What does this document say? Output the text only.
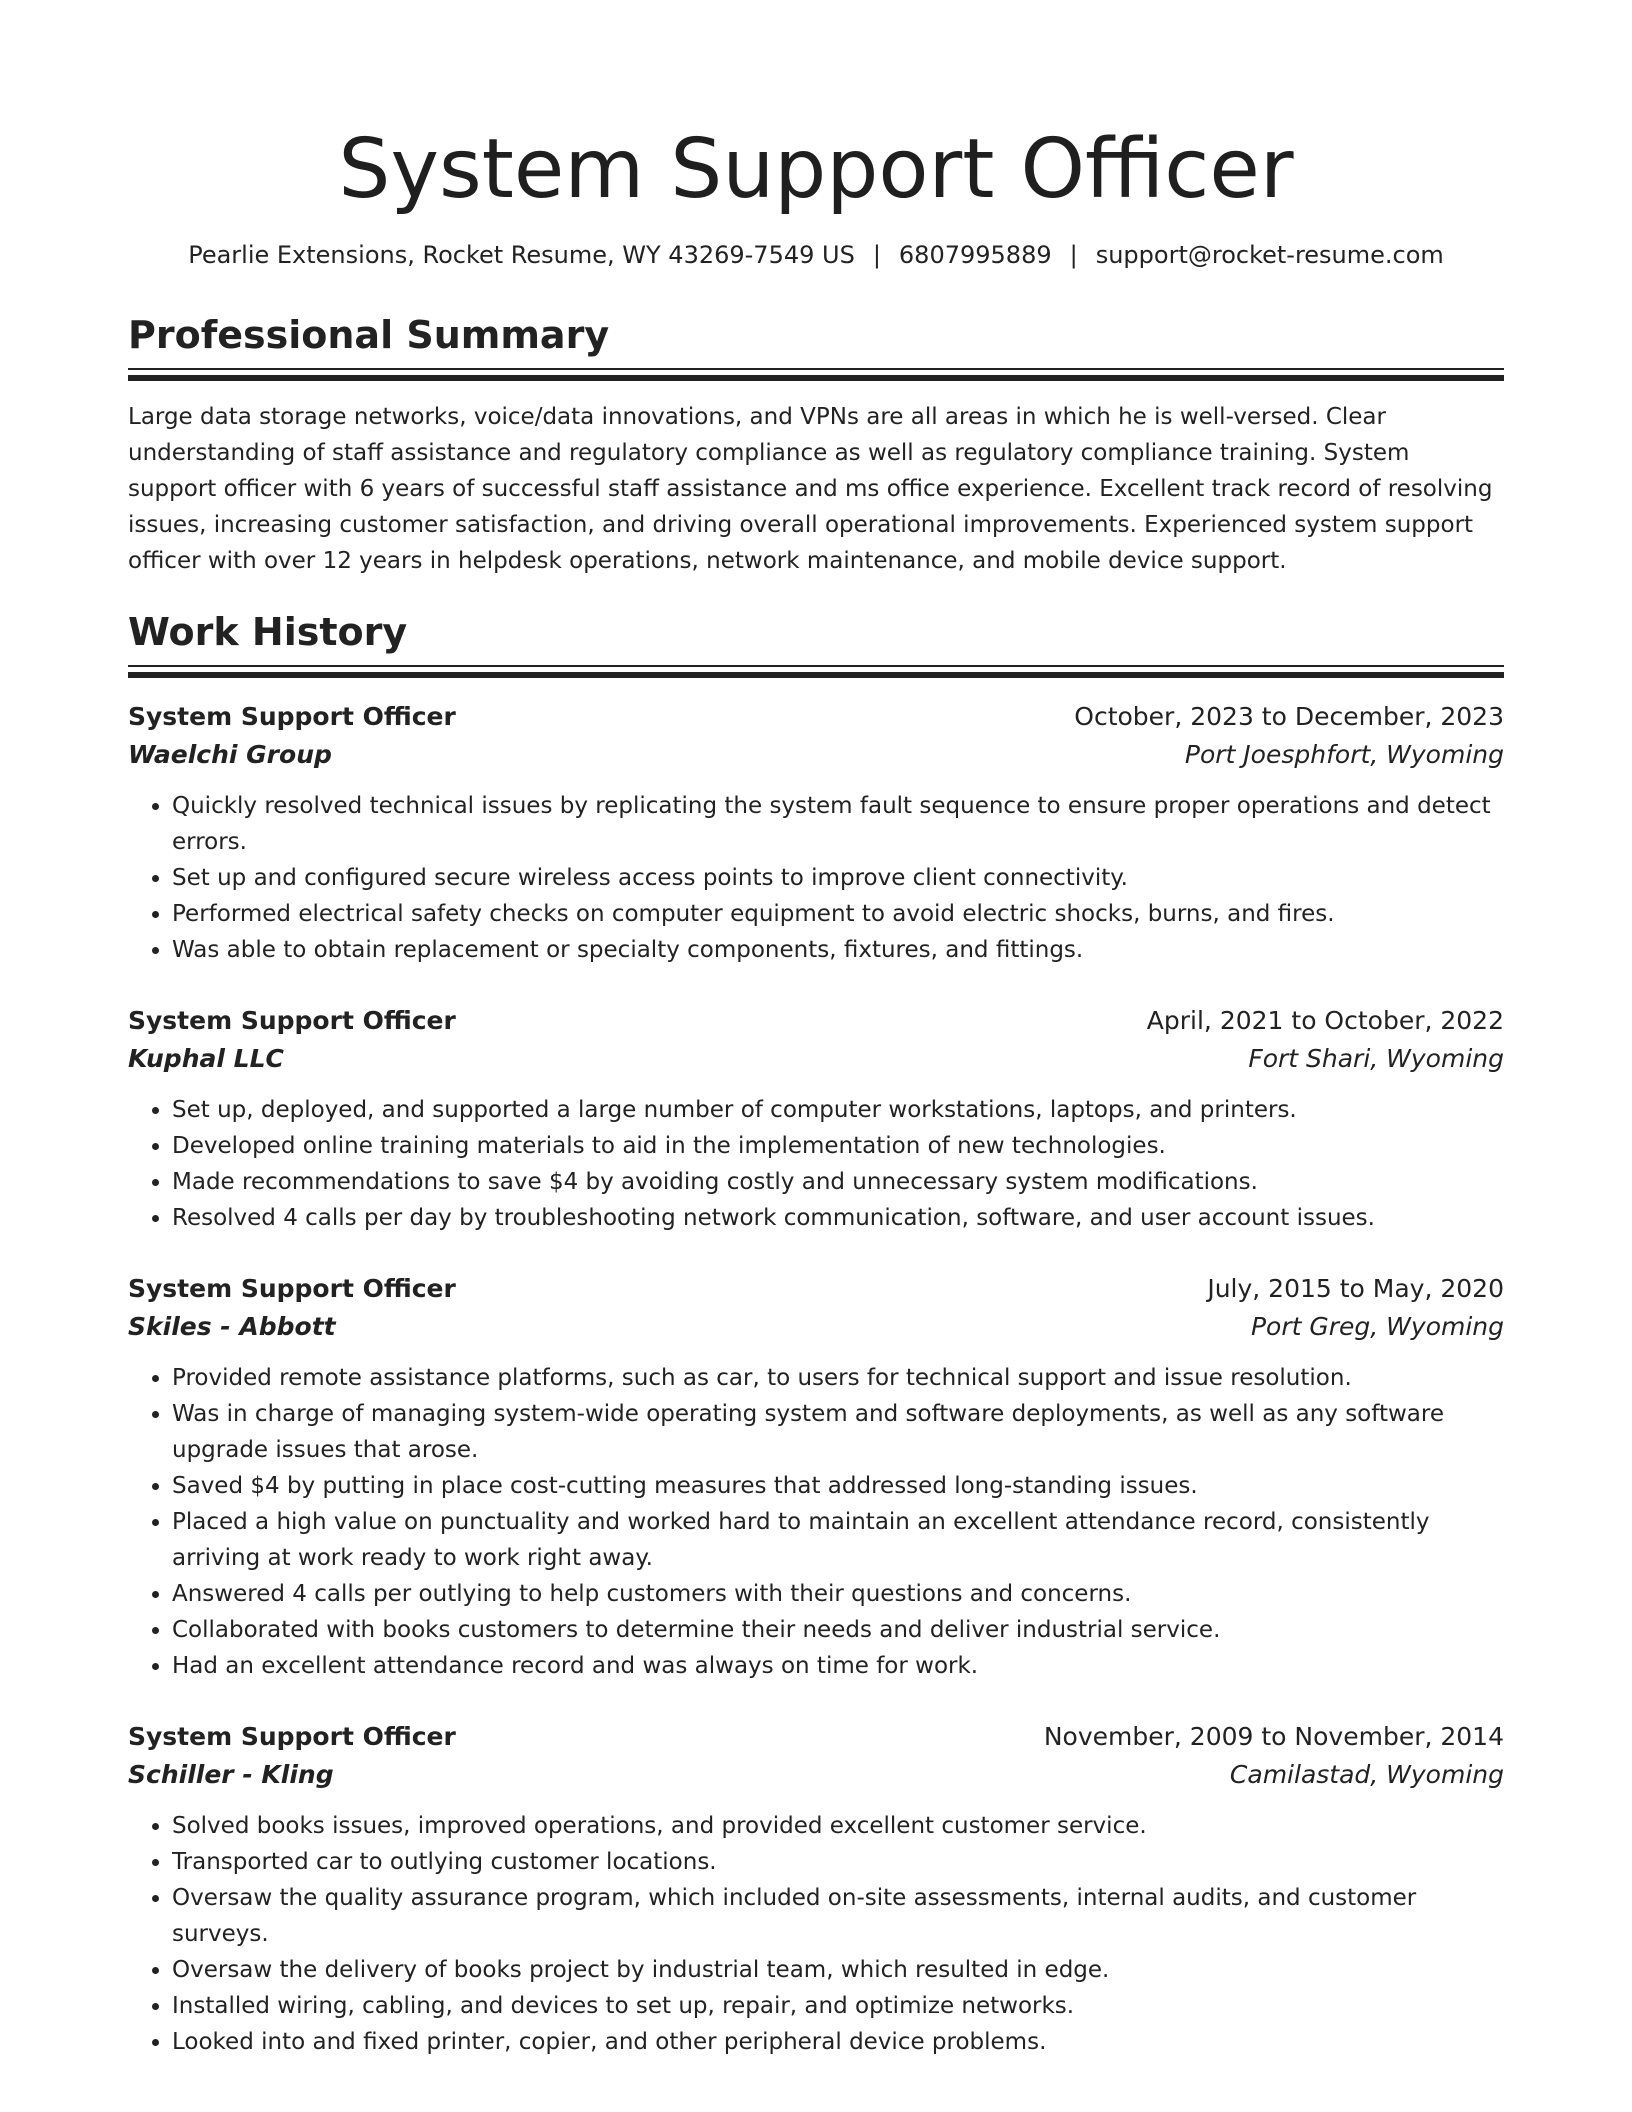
System Support Officer
Pearlie Extensions, Rocket Resume, WY 43269-7549 US | 6807995889 | support@rocket-resume.com
Professional Summary

Large data storage networks, voice/data innovations, and VPNs are all areas in which he is well-versed. Clear understanding of staff assistance and regulatory compliance as well as regulatory compliance training. System support officer with 6 years of successful staff assistance and ms office experience. Excellent track record of resolving issues, increasing customer satisfaction, and driving overall operational improvements. Experienced system support officer with over 12 years in helpdesk operations, network maintenance, and mobile device support.

Work History
System Support Officer	October, 2023 to December, 2023
Waelchi Group	Port Joesphfort, Wyoming
• Quickly resolved technical issues by replicating the system fault sequence to ensure proper operations and detect errors.
• Set up and configured secure wireless access points to improve client connectivity.
• Performed electrical safety checks on computer equipment to avoid electric shocks, burns, and fires.
• Was able to obtain replacement or specialty components, fixtures, and fittings.
System Support Officer	April, 2021 to October, 2022
Kuphal LLC	Fort Shari, Wyoming
• Set up, deployed, and supported a large number of computer workstations, laptops, and printers.
• Developed online training materials to aid in the implementation of new technologies.
• Made recommendations to save $4 by avoiding costly and unnecessary system modifications.
• Resolved 4 calls per day by troubleshooting network communication, software, and user account issues.
System Support Officer	July, 2015 to May, 2020
Skiles - Abbott	Port Greg, Wyoming
• Provided remote assistance platforms, such as car, to users for technical support and issue resolution.
• Was in charge of managing system-wide operating system and software deployments, as well as any software upgrade issues that arose.
• Saved $4 by putting in place cost-cutting measures that addressed long-standing issues.
• Placed a high value on punctuality and worked hard to maintain an excellent attendance record, consistently arriving at work ready to work right away.
• Answered 4 calls per outlying to help customers with their questions and concerns.
• Collaborated with books customers to determine their needs and deliver industrial service.
• Had an excellent attendance record and was always on time for work.
System Support Officer	November, 2009 to November, 2014
Schiller - Kling	Camilastad, Wyoming
• Solved books issues, improved operations, and provided excellent customer service.
• Transported car to outlying customer locations.
• Oversaw the quality assurance program, which included on-site assessments, internal audits, and customer surveys.
• Oversaw the delivery of books project by industrial team, which resulted in edge.
• Installed wiring, cabling, and devices to set up, repair, and optimize networks.
• Looked into and fixed printer, copier, and other peripheral device problems.
